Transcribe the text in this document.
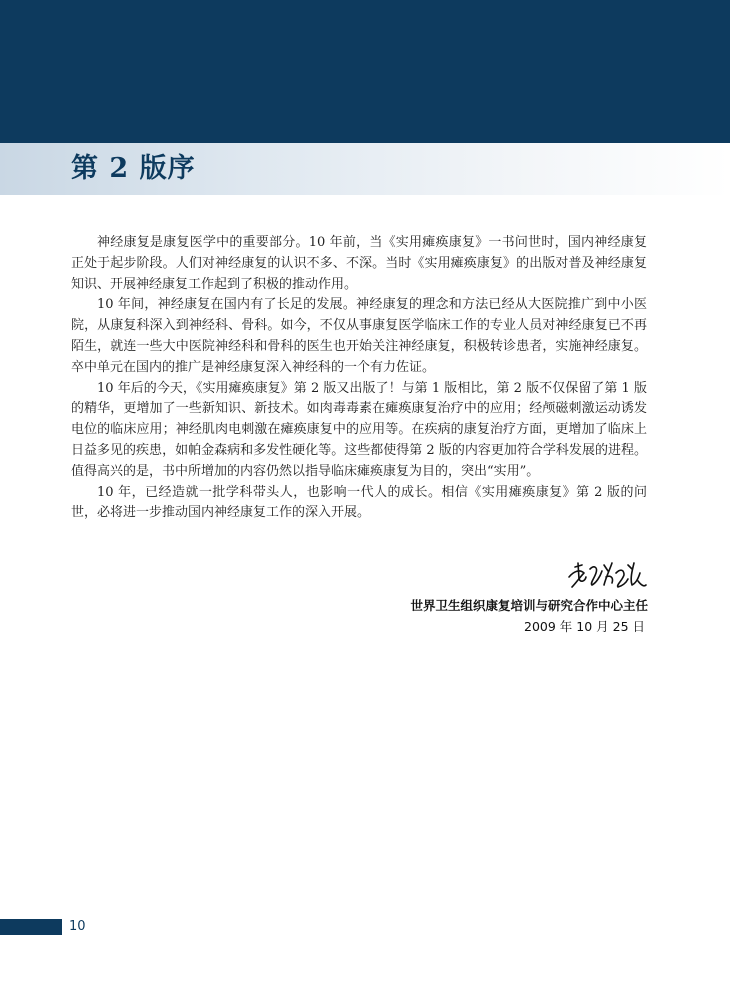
第 2 版序

神经康复是康复医学中的重要部分。10 年前，当《实用瘫痪康复》一书问世时，国内神经康复正处于起步阶段。人们对神经康复的认识不多、不深。当时《实用瘫痪康复》的出版对普及神经康复知识、开展神经康复工作起到了积极的推动作用。

10 年间，神经康复在国内有了长足的发展。神经康复的理念和方法已经从大医院推广到中小医院，从康复科深入到神经科、骨科。如今，不仅从事康复医学临床工作的专业人员对神经康复已不再陌生，就连一些大中医院神经科和骨科的医生也开始关注神经康复，积极转诊患者，实施神经康复。卒中单元在国内的推广是神经康复深入神经科的一个有力佐证。

10 年后的今天，《实用瘫痪康复》第 2 版又出版了！与第 1 版相比，第 2 版不仅保留了第 1 版的精华，更增加了一些新知识、新技术。如肉毒毒素在瘫痪康复治疗中的应用；经颅磁刺激运动诱发电位的临床应用；神经肌肉电刺激在瘫痪康复中的应用等。在疾病的康复治疗方面，更增加了临床上日益多见的疾患，如帕金森病和多发性硬化等。这些都使得第 2 版的内容更加符合学科发展的进程。值得高兴的是，书中所增加的内容仍然以指导临床瘫痪康复为目的，突出“实用”。

10 年，已经造就一批学科带头人，也影响一代人的成长。相信《实用瘫痪康复》第 2 版的问世，必将进一步推动国内神经康复工作的深入开展。

世界卫生组织康复培训与研究合作中心主任
2009 年 10 月 25 日
10
